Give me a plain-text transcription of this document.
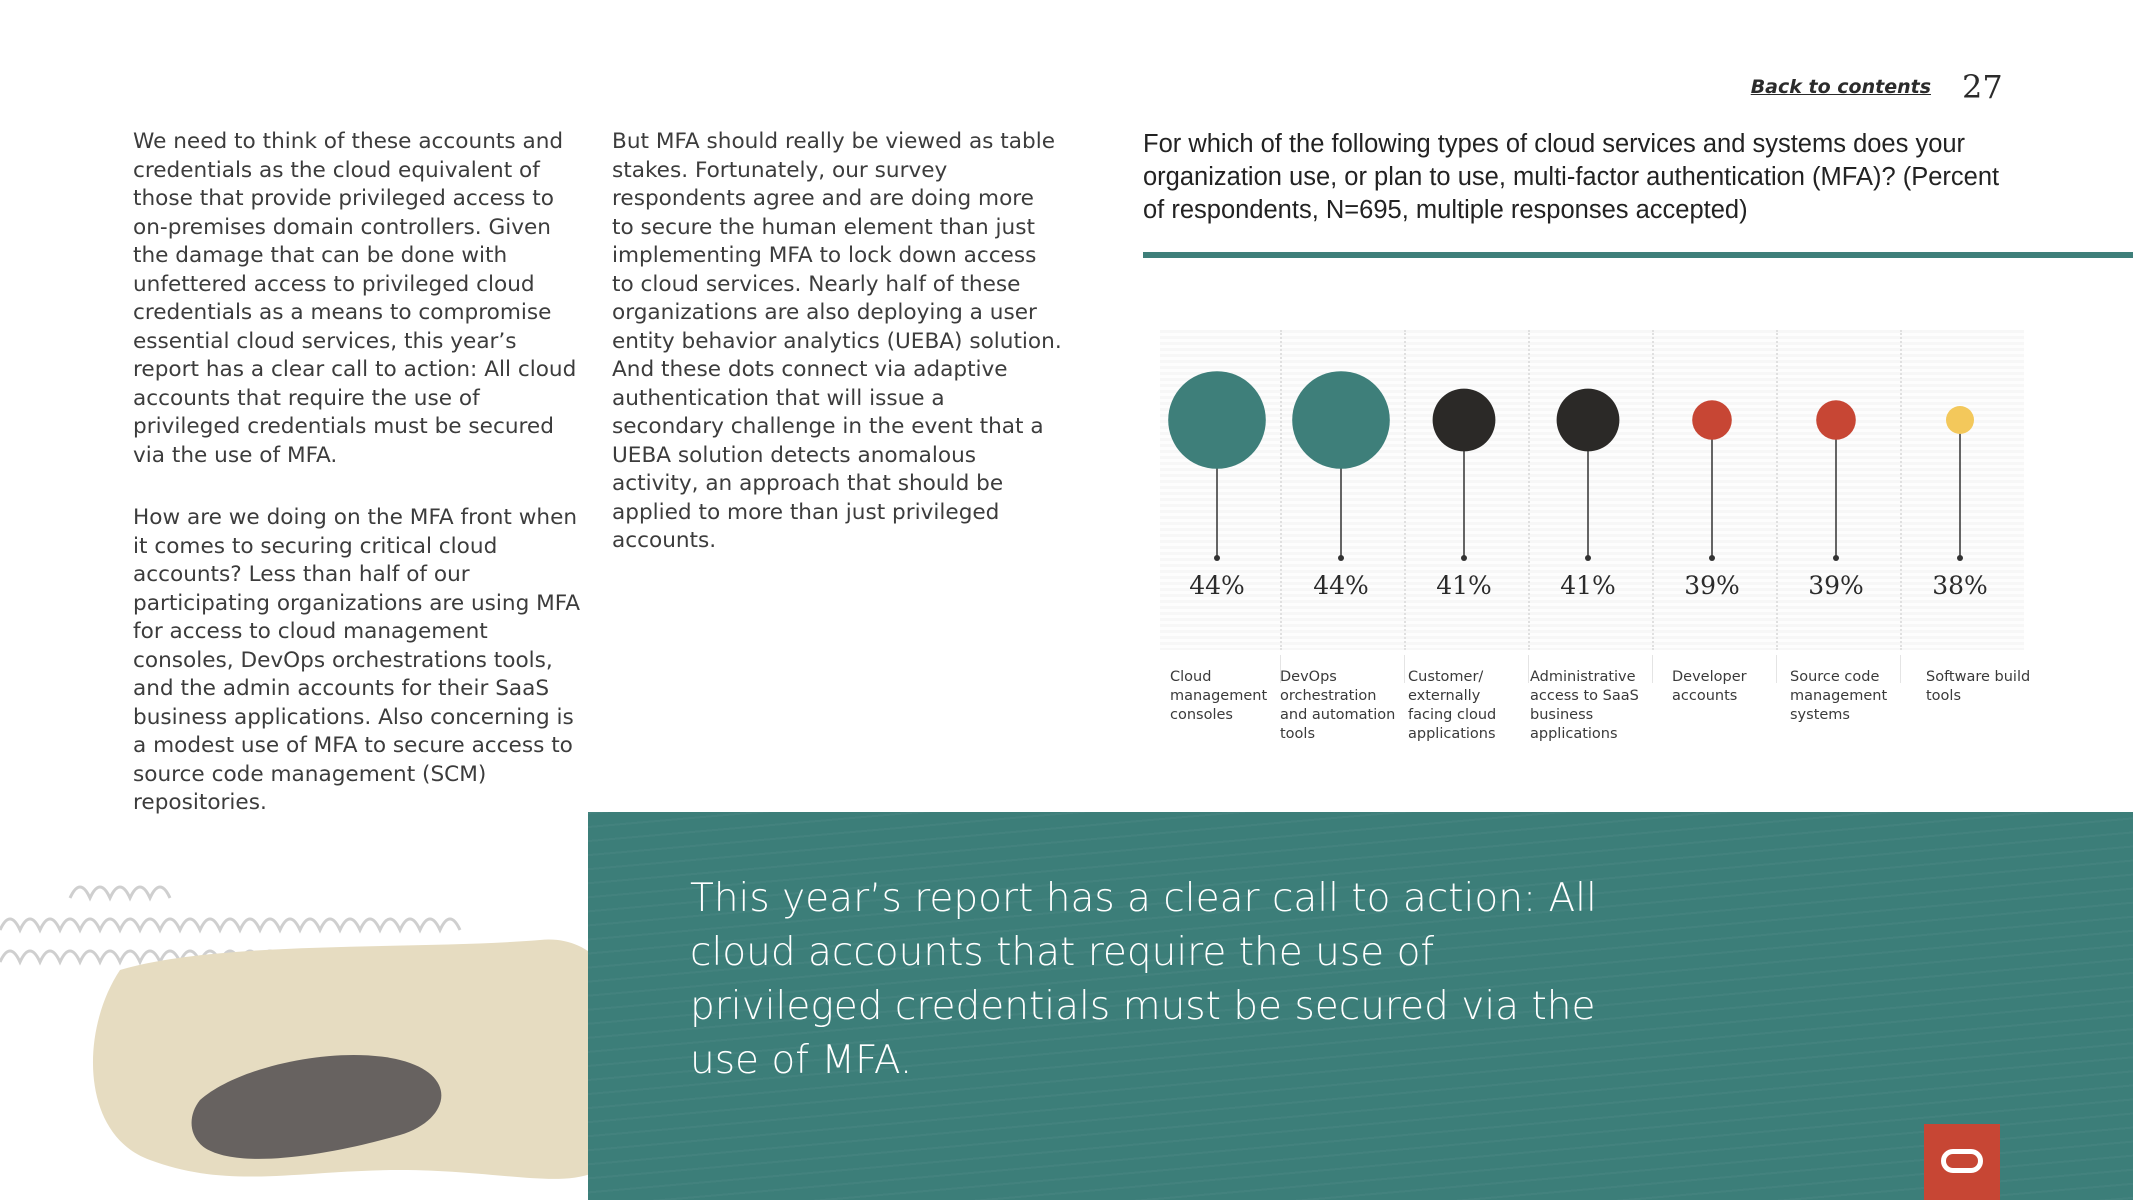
Back to contents 27

We need to think of these accounts and credentials as the cloud equivalent of those that provide privileged access to on-premises domain controllers. Given the damage that can be done with unfettered access to privileged cloud credentials as a means to compromise essential cloud services, this year’s report has a clear call to action: All cloud accounts that require the use of privileged credentials must be secured via the use of MFA.

How are we doing on the MFA front when it comes to securing critical cloud accounts? Less than half of our participating organizations are using MFA for access to cloud management consoles, DevOps orchestrations tools, and the admin accounts for their SaaS business applications. Also concerning is a modest use of MFA to secure access to source code management (SCM) repositories.

But MFA should really be viewed as table stakes. Fortunately, our survey respondents agree and are doing more to secure the human element than just implementing MFA to lock down access to cloud services. Nearly half of these organizations are also deploying a user entity behavior analytics (UEBA) solution. And these dots connect via adaptive authentication that will issue a secondary challenge in the event that a UEBA solution detects anomalous activity, an approach that should be applied to more than just privileged accounts.

For which of the following types of cloud services and systems does your organization use, or plan to use, multi-factor authentication (MFA)? (Percent of respondents, N=695, multiple responses accepted)
44%	44%	41%	41%	39%	39%	38%
Cloud management consoles
DevOps orchestration and automation tools
Customer/ externally facing cloud applications
Administrative access to SaaS business applications
Developer accounts
Source code management systems
Software build tools
This year’s report has a clear call to action: All cloud accounts that require the use of privileged credentials must be secured via the use of MFA.
